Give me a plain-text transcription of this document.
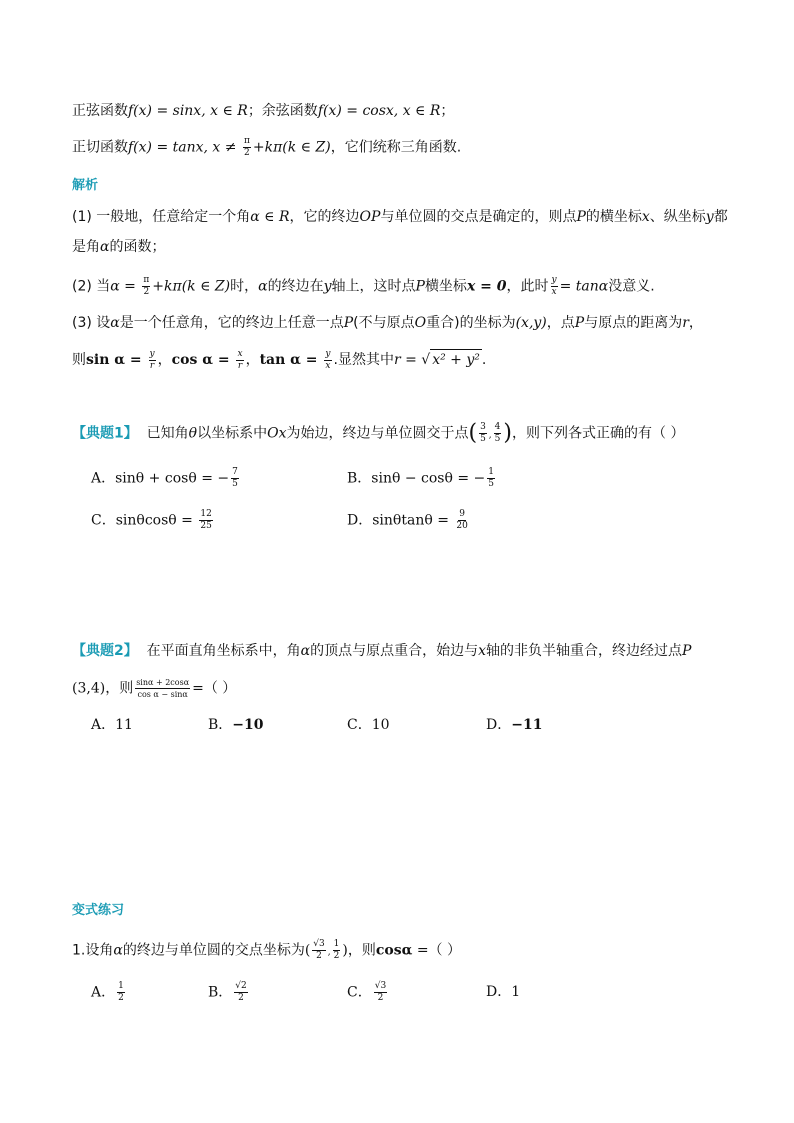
正弦函数f(x) = sinx, x ∈ R；余弦函数f(x) = cosx, x ∈ R；
正切函数f(x) = tanx, $x \ne \frac{\pi}{2} +k\pi(k$ ∈ Z)，它们统称三角函数.
解析
(1) 一般地，任意给定一个角α ∈ R，它的终边OP与单位圆的交点是确定的，则点P的横坐标x、纵坐标y都
是角α的函数；
(2) 当$\alpha = \frac{\pi}{2} +k\pi(k$ ∈ Z)时，α的终边在y轴上，这时点P横坐标x = 0，此时 $\frac{y}{x} = \tan\alpha$没意义.
(3) 设α是一个任意角，它的终边上任意一点P(不与原点O重合)的坐标为(x,y)，点P与原点的距离为r，
则$\sin \alpha = \frac{y}{r}$ ，$\cos \alpha = \frac{x}{r}$ ，$\tan \alpha = \frac{y}{x}$ .显然其中r = √ x² + y² .
【典题1】 已知角θ以坐标系中Ox为始边，终边与单位圆交于点( $\frac{3}{5}$ , $\frac{4}{5}$ )，则下列各式正确的有（ ）
A．sinθ + cosθ = − $\frac{7}{5}$	B．sinθ − cosθ = − $\frac{1}{5}$
C．$\sin\theta\cos\theta = \frac{12}{25}$	D．$\sin\theta\tan\theta = \frac{9}{20}$
【典题2】 在平面直角坐标系中，角α的顶点与原点重合，始边与x轴的非负半轴重合，终边经过点P
(3,4)，则 $\frac{\sin\alpha + 2\cos\alpha}{\text{cos α − sinα}}$ =（ ）
A．11	B．−10	C．10	D．−11
变式练习
1.设角α的终边与单位圆的交点坐标为( $\frac{√3}{2}$ , $\frac{1}{2}$ )，则cosα =（ ）
A． $\frac{1}{2}$	B． $\frac{√2}{2}$	C． $\frac{√3}{2}$	D．1
